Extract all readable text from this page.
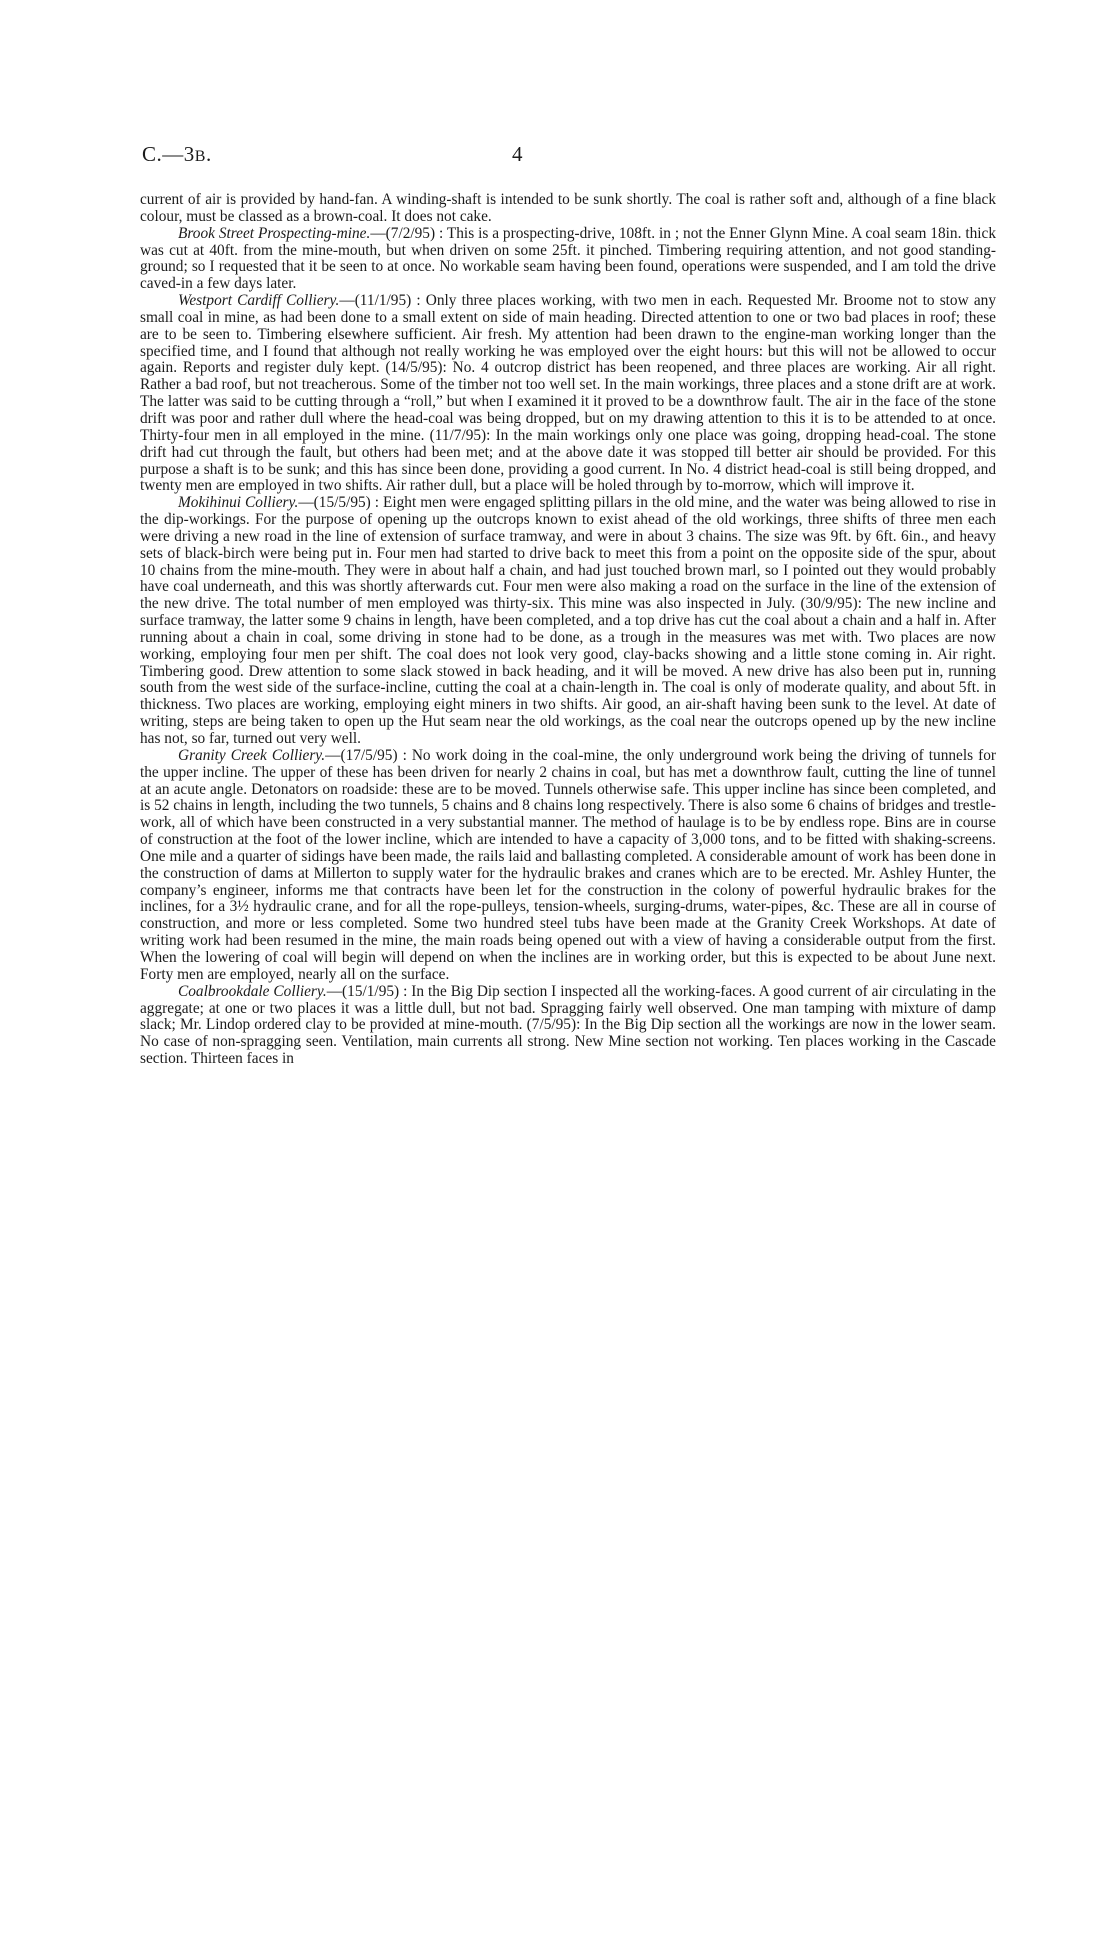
C.—3B.	4

current of air is provided by hand-fan. A winding-shaft is intended to be sunk shortly. The coal is rather soft and, although of a fine black colour, must be classed as a brown-coal. It does not cake.

Brook Street Prospecting-mine.—(7/2/95) : This is a prospecting-drive, 108ft. in ; not the Enner Glynn Mine. A coal seam 18in. thick was cut at 40ft. from the mine-mouth, but when driven on some 25ft. it pinched. Timbering requiring attention, and not good standing-ground; so I requested that it be seen to at once. No workable seam having been found, operations were suspended, and I am told the drive caved-in a few days later.

Westport Cardiff Colliery.—(11/1/95) : Only three places working, with two men in each. Requested Mr. Broome not to stow any small coal in mine, as had been done to a small extent on side of main heading. Directed attention to one or two bad places in roof; these are to be seen to. Timbering elsewhere sufficient. Air fresh. My attention had been drawn to the engine-man working longer than the specified time, and I found that although not really working he was employed over the eight hours: but this will not be allowed to occur again. Reports and register duly kept. (14/5/95): No. 4 outcrop district has been reopened, and three places are working. Air all right. Rather a bad roof, but not treacherous. Some of the timber not too well set. In the main workings, three places and a stone drift are at work. The latter was said to be cutting through a “roll,” but when I examined it it proved to be a downthrow fault. The air in the face of the stone drift was poor and rather dull where the head-coal was being dropped, but on my drawing attention to this it is to be attended to at once. Thirty-four men in all employed in the mine. (11/7/95): In the main workings only one place was going, dropping head-coal. The stone drift had cut through the fault, but others had been met; and at the above date it was stopped till better air should be provided. For this purpose a shaft is to be sunk; and this has since been done, providing a good current. In No. 4 district head-coal is still being dropped, and twenty men are employed in two shifts. Air rather dull, but a place will be holed through by to-morrow, which will improve it.

Mokihinui Colliery.—(15/5/95) : Eight men were engaged splitting pillars in the old mine, and the water was being allowed to rise in the dip-workings. For the purpose of opening up the outcrops known to exist ahead of the old workings, three shifts of three men each were driving a new road in the line of extension of surface tramway, and were in about 3 chains. The size was 9ft. by 6ft. 6in., and heavy sets of black-birch were being put in. Four men had started to drive back to meet this from a point on the opposite side of the spur, about 10 chains from the mine-mouth. They were in about half a chain, and had just touched brown marl, so I pointed out they would probably have coal underneath, and this was shortly afterwards cut. Four men were also making a road on the surface in the line of the extension of the new drive. The total number of men employed was thirty-six. This mine was also inspected in July. (30/9/95): The new incline and surface tramway, the latter some 9 chains in length, have been completed, and a top drive has cut the coal about a chain and a half in. After running about a chain in coal, some driving in stone had to be done, as a trough in the measures was met with. Two places are now working, employing four men per shift. The coal does not look very good, clay-backs showing and a little stone coming in. Air right. Timbering good. Drew attention to some slack stowed in back heading, and it will be moved. A new drive has also been put in, running south from the west side of the surface-incline, cutting the coal at a chain-length in. The coal is only of moderate quality, and about 5ft. in thickness. Two places are working, employing eight miners in two shifts. Air good, an air-shaft having been sunk to the level. At date of writing, steps are being taken to open up the Hut seam near the old workings, as the coal near the outcrops opened up by the new incline has not, so far, turned out very well.

Granity Creek Colliery.—(17/5/95) : No work doing in the coal-mine, the only underground work being the driving of tunnels for the upper incline. The upper of these has been driven for nearly 2 chains in coal, but has met a downthrow fault, cutting the line of tunnel at an acute angle. Detonators on roadside: these are to be moved. Tunnels otherwise safe. This upper incline has since been completed, and is 52 chains in length, including the two tunnels, 5 chains and 8 chains long respectively. There is also some 6 chains of bridges and trestle-work, all of which have been constructed in a very substantial manner. The method of haulage is to be by endless rope. Bins are in course of construction at the foot of the lower incline, which are intended to have a capacity of 3,000 tons, and to be fitted with shaking-screens. One mile and a quarter of sidings have been made, the rails laid and ballasting completed. A considerable amount of work has been done in the construction of dams at Millerton to supply water for the hydraulic brakes and cranes which are to be erected. Mr. Ashley Hunter, the company’s engineer, informs me that contracts have been let for the construction in the colony of powerful hydraulic brakes for the inclines, for a 3½ hydraulic crane, and for all the rope-pulleys, tension-wheels, surging-drums, water-pipes, &c. These are all in course of construction, and more or less completed. Some two hundred steel tubs have been made at the Granity Creek Workshops. At date of writing work had been resumed in the mine, the main roads being opened out with a view of having a considerable output from the first. When the lowering of coal will begin will depend on when the inclines are in working order, but this is expected to be about June next. Forty men are employed, nearly all on the surface.

Coalbrookdale Colliery.—(15/1/95) : In the Big Dip section I inspected all the working-faces. A good current of air circulating in the aggregate; at one or two places it was a little dull, but not bad. Spragging fairly well observed. One man tamping with mixture of damp slack; Mr. Lindop ordered clay to be provided at mine-mouth. (7/5/95): In the Big Dip section all the workings are now in the lower seam. No case of non-spragging seen. Ventilation, main currents all strong. New Mine section not working. Ten places working in the Cascade section. Thirteen faces in
